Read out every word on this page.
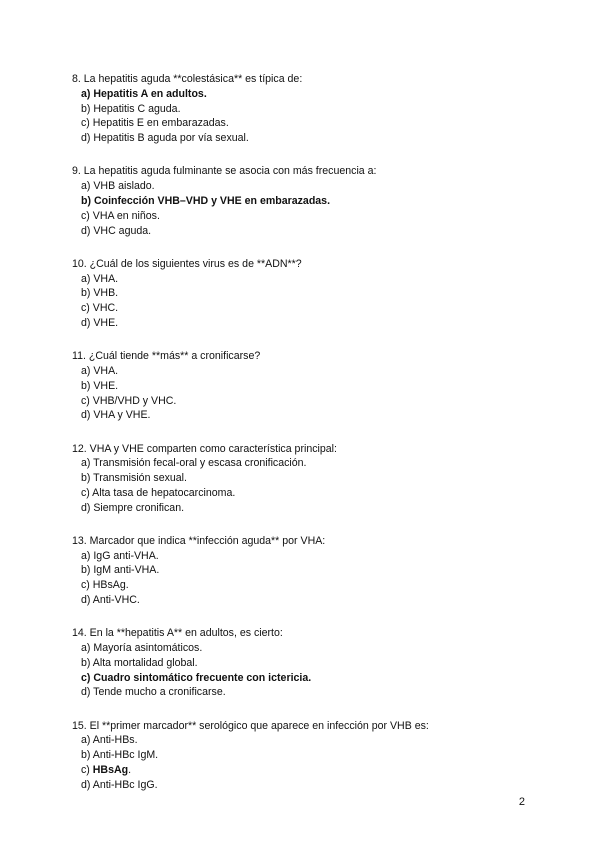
8. La hepatitis aguda **colestásica** es típica de:
a) Hepatitis A en adultos.
b) Hepatitis C aguda.
c) Hepatitis E en embarazadas.
d) Hepatitis B aguda por vía sexual.
9. La hepatitis aguda fulminante se asocia con más frecuencia a:
a) VHB aislado.
b) Coinfección VHB–VHD y VHE en embarazadas.
c) VHA en niños.
d) VHC aguda.
10. ¿Cuál de los siguientes virus es de **ADN**?
a) VHA.
b) VHB.
c) VHC.
d) VHE.
11. ¿Cuál tiende **más** a cronificarse?
a) VHA.
b) VHE.
c) VHB/VHD y VHC.
d) VHA y VHE.
12. VHA y VHE comparten como característica principal:
a) Transmisión fecal-oral y escasa cronificación.
b) Transmisión sexual.
c) Alta tasa de hepatocarcinoma.
d) Siempre cronifican.
13. Marcador que indica **infección aguda** por VHA:
a) IgG anti-VHA.
b) IgM anti-VHA.
c) HBsAg.
d) Anti-VHC.
14. En la **hepatitis A** en adultos, es cierto:
a) Mayoría asintomáticos.
b) Alta mortalidad global.
c) Cuadro sintomático frecuente con ictericia.
d) Tende mucho a cronificarse.
15. El **primer marcador** serológico que aparece en infección por VHB es:
a) Anti-HBs.
b) Anti-HBc IgM.
c) HBsAg.
d) Anti-HBc IgG.
2
